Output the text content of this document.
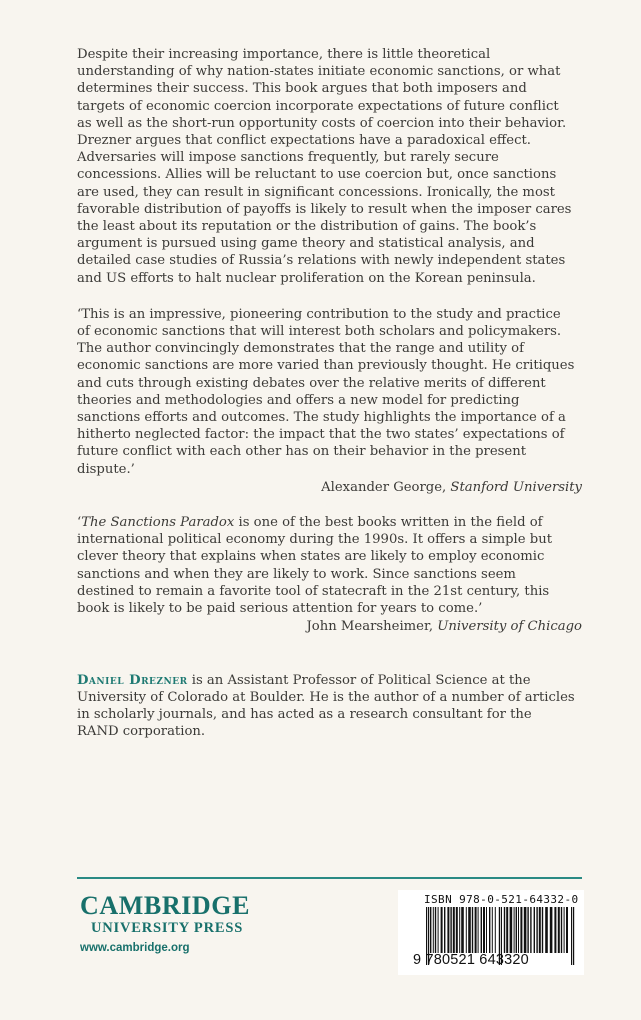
Despite their increasing importance, there is little theoretical understanding of why nation-states initiate economic sanctions, or what determines their success. This book argues that both imposers and targets of economic coercion incorporate expectations of future conflict as well as the short-run opportunity costs of coercion into their behavior. Drezner argues that conflict expectations have a paradoxical effect. Adversaries will impose sanctions frequently, but rarely secure concessions. Allies will be reluctant to use coercion but, once sanctions are used, they can result in significant concessions. Ironically, the most favorable distribution of payoffs is likely to result when the imposer cares the least about its reputation or the distribution of gains. The book’s argument is pursued using game theory and statistical analysis, and detailed case studies of Russia’s relations with newly independent states and US efforts to halt nuclear proliferation on the Korean peninsula.

‘This is an impressive, pioneering contribution to the study and practice of economic sanctions that will interest both scholars and policymakers. The author convincingly demonstrates that the range and utility of economic sanctions are more varied than previously thought. He critiques and cuts through existing debates over the relative merits of different theories and methodologies and offers a new model for predicting sanctions efforts and outcomes. The study highlights the importance of a hitherto neglected factor: the impact that the two states’ expectations of future conflict with each other has on their behavior in the present dispute.’

Alexander George, Stanford University

‘The Sanctions Paradox is one of the best books written in the field of international political economy during the 1990s. It offers a simple but clever theory that explains when states are likely to employ economic sanctions and when they are likely to work. Since sanctions seem destined to remain a favorite tool of statecraft in the 21st century, this book is likely to be paid serious attention for years to come.’

John Mearsheimer, University of Chicago

Daniel Drezner is an Assistant Professor of Political Science at the University of Colorado at Boulder. He is the author of a number of articles in scholarly journals, and has acted as a research consultant for the RAND corporation.

CAMBRIDGE
UNIVERSITY PRESS
www.cambridge.org
ISBN 978-0-521-64332-0
9 780521 643320
